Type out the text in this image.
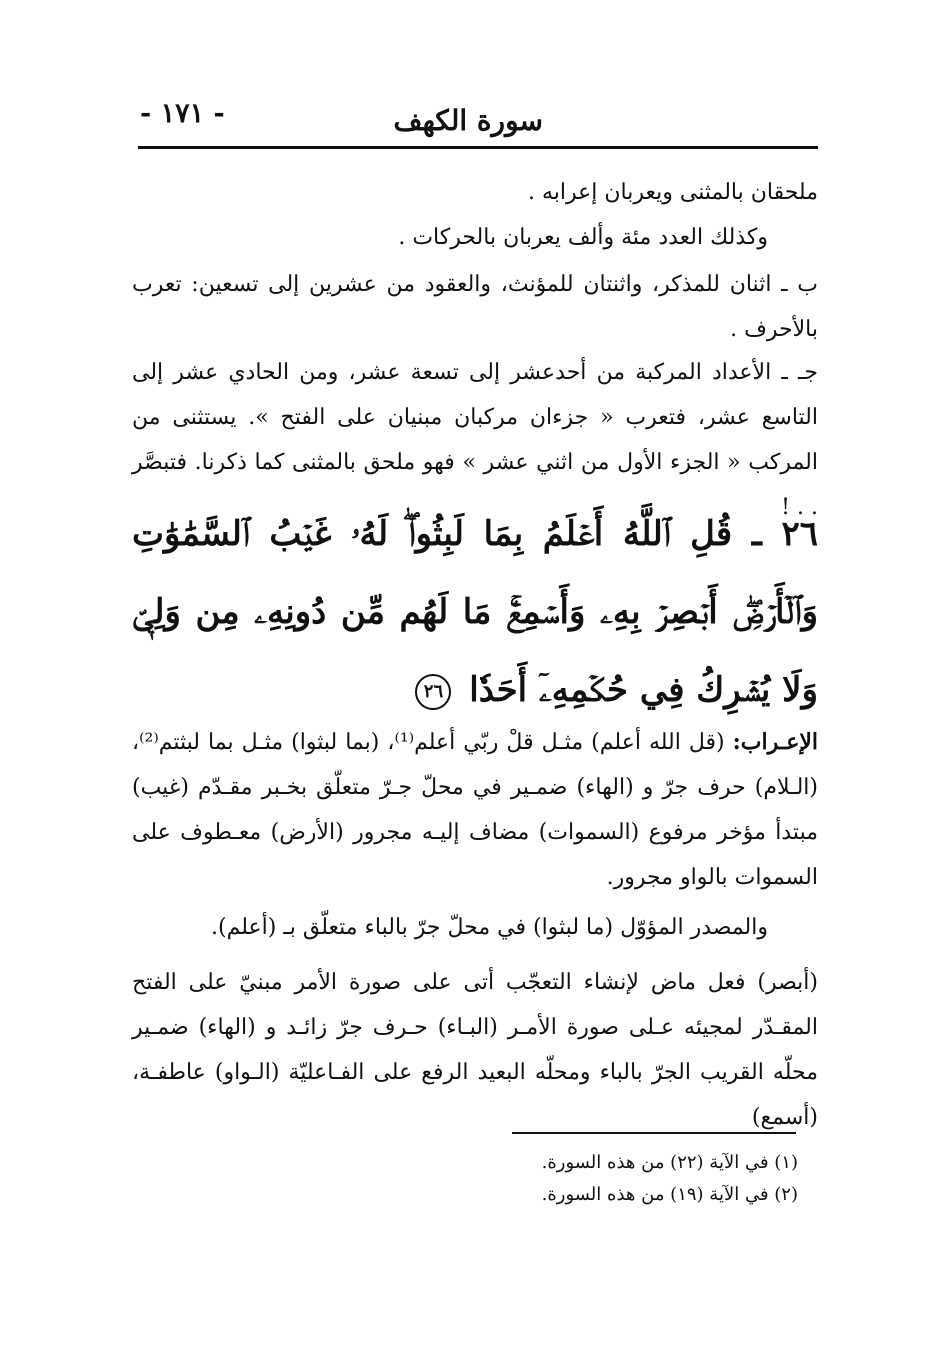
- ١٧١ -	سورة الكهف
ملحقان بالمثنى ويعربان إعرابه .
وكذلك العدد مئة وألف يعربان بالحركات .
ب ـ اثنان للمذكر، واثنتان للمؤنث، والعقود من عشرين إلى تسعين: تعرب بالأحرف .
جـ ـ الأعداد المركبة من أحدعشر إلى تسعة عشر، ومن الحادي عشر إلى التاسع عشر، فتعرب « جزءان مركبان مبنيان على الفتح ». يستثنى من المركب « الجزء الأول من اثني عشر » فهو ملحق بالمثنى كما ذكرنا. فتبصَّر . . !
٢٦ ـ قُلِ ٱللَّهُ أَعۡلَمُ بِمَا لَبِثُواْۖ لَهُۥ غَيۡبُ ٱلسَّمَٰوَٰتِ وَٱلۡأَرۡضِۖ أَبۡصِرۡ بِهِۦ وَأَسۡمِعۡۚ مَا لَهُم مِّن دُونِهِۦ مِن وَلِيّٖ وَلَا يُشۡرِكُ فِي حُكۡمِهِۦٓ أَحَدٗا ٢٦
الإعـراب: (قل الله أعلم) مثـل قلْ ربّي أعلم⁽¹⁾، (بما لبثوا) مثـل بما لبثتم⁽²⁾، (الـلام) حرف جرّ و (الهاء) ضمـير في محلّ جـرّ متعلّق بخـبر مقـدّم (غيب) مبتدأ مؤخر مرفوع (السموات) مضاف إليـه مجرور (الأرض) معـطوف على السموات بالواو مجرور.
والمصدر المؤوّل (ما لبثوا) في محلّ جرّ بالباء متعلّق بـ (أعلم).
(أبصر) فعل ماض لإنشاء التعجّب أتى على صورة الأمر مبنيّ على الفتح المقـدّر لمجيئه عـلى صورة الأمـر (البـاء) حـرف جرّ زائـد و (الهاء) ضمـير محلّه القريب الجرّ بالباء ومحلّه البعيد الرفع على الفـاعليّة (الـواو) عاطفـة، (أسمع)
(١) في الآية (٢٢) من هذه السورة.
(٢) في الآية (١٩) من هذه السورة.
